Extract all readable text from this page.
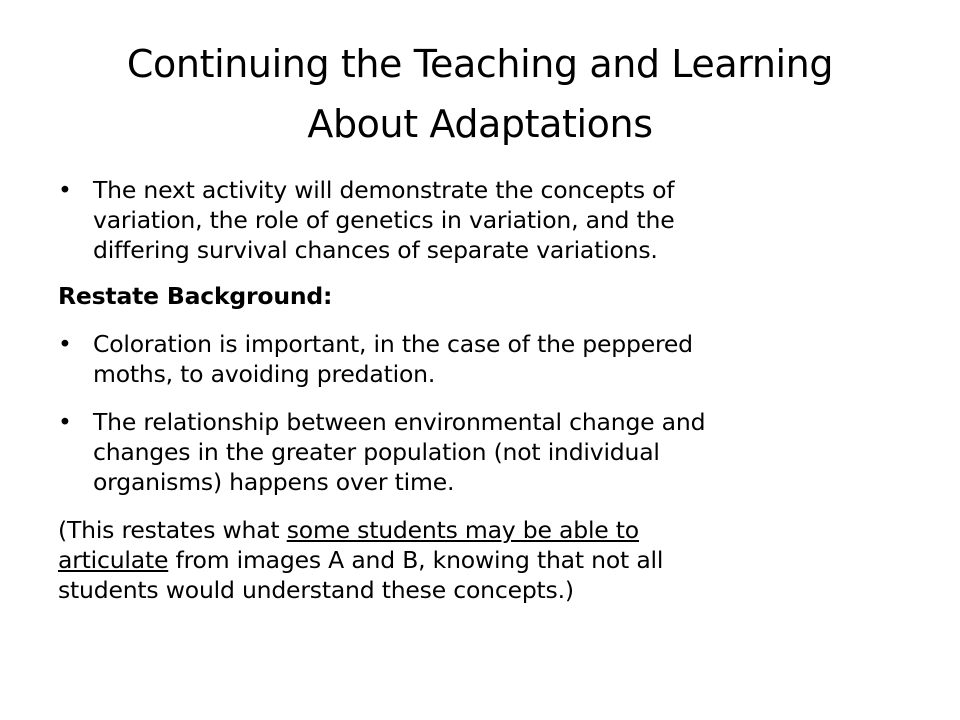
Continuing the Teaching and Learning
About Adaptations
• The next activity will demonstrate the concepts of
variation, the role of genetics in variation, and the
differing survival chances of separate variations.
Restate Background:
• Coloration is important, in the case of the peppered
moths, to avoiding predation.
• The relationship between environmental change and
changes in the greater population (not individual
organisms) happens over time.
(This restates what some students may be able to
articulate from images A and B, knowing that not all
students would understand these concepts.)
